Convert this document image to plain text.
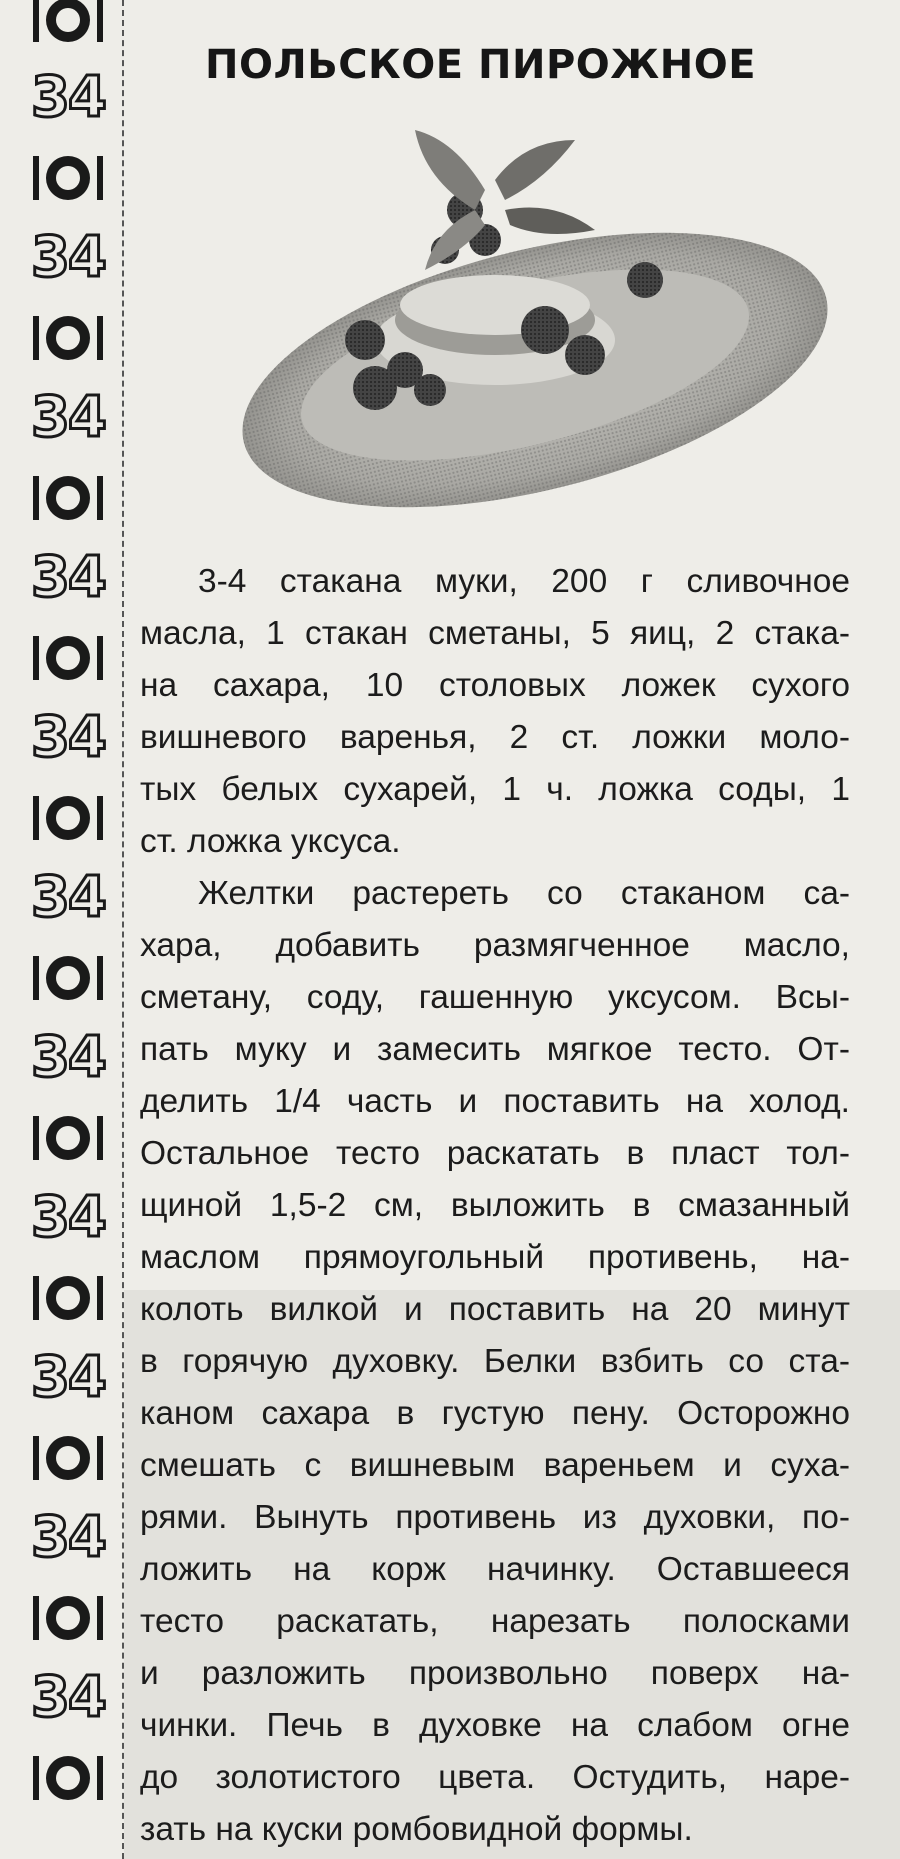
34
34
34
34
34
34
34
34
34
34
34
ПОЛЬСКОЕ ПИРОЖНОЕ

3-4 стакана муки, 200 г сливочное
масла, 1 стакан сметаны, 5 яиц, 2 стака-
на сахара, 10 столовых ложек сухого
вишневого варенья, 2 ст. ложки моло-
тых белых сухарей, 1 ч. ложка соды, 1
ст. ложка уксуса.

Желтки растереть со стаканом са-
хара, добавить размягченное масло,
сметану, соду, гашенную уксусом. Всы-
пать муку и замесить мягкое тесто. От-
делить 1/4 часть и поставить на холод.
Остальное тесто раскатать в пласт тол-
щиной 1,5-2 см, выложить в смазанный
маслом прямоугольный противень, на-
колоть вилкой и поставить на 20 минут
в горячую духовку. Белки взбить со ста-
каном сахара в густую пену. Осторожно
смешать с вишневым вареньем и суха-
рями. Вынуть противень из духовки, по-
ложить на корж начинку. Оставшееся
тесто раскатать, нарезать полосками
и разложить произвольно поверх на-
чинки. Печь в духовке на слабом огне
до золотистого цвета. Остудить, наре-
зать на куски ромбовидной формы.
